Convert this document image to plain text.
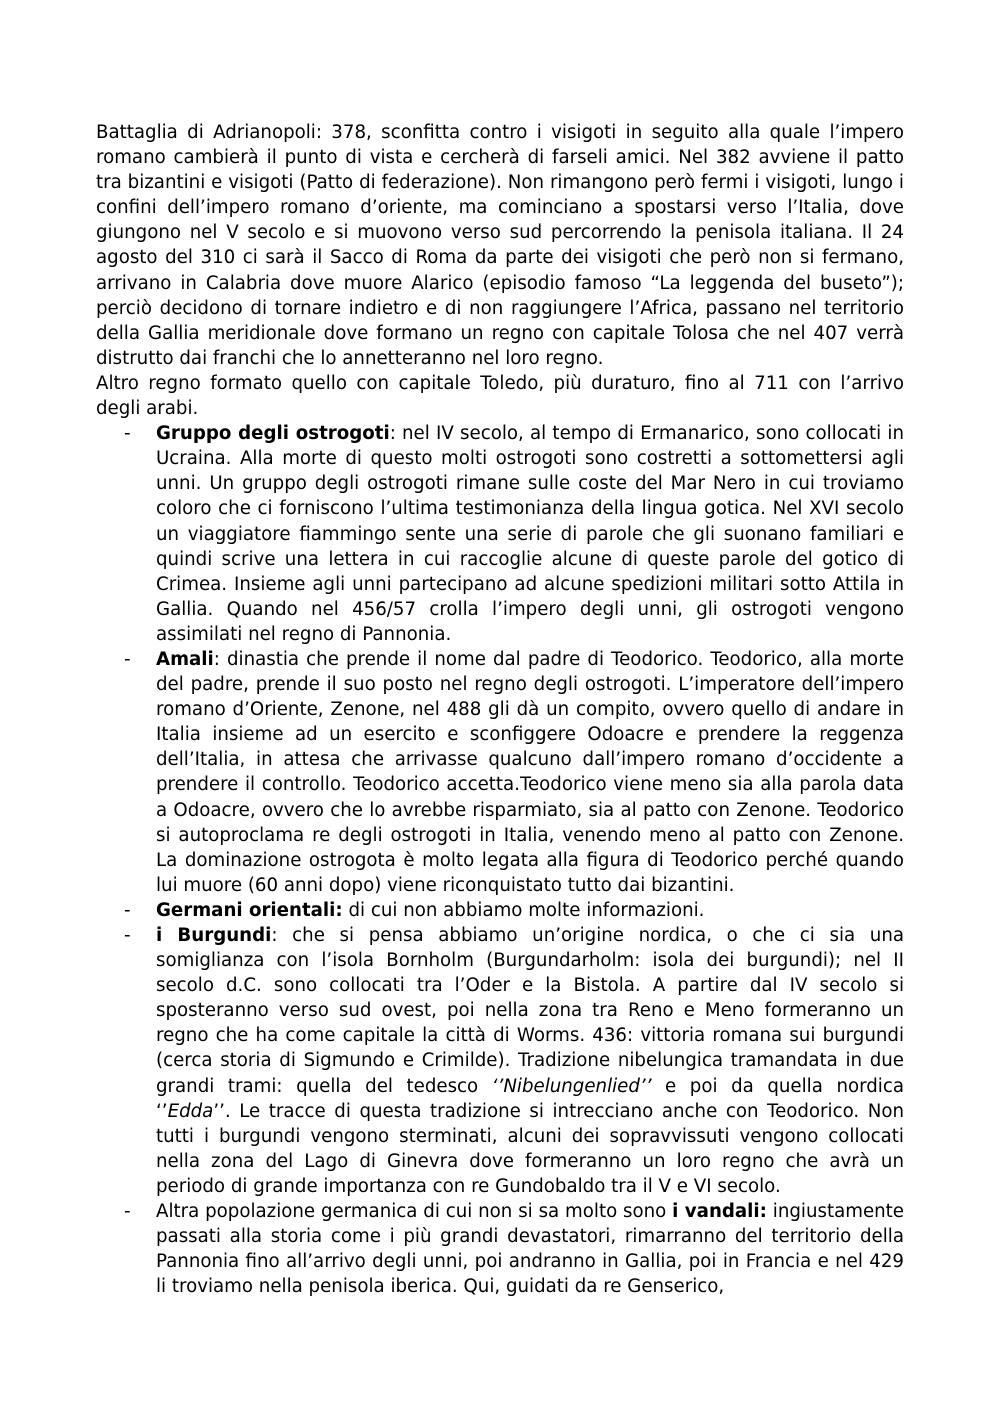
Battaglia di Adrianopoli: 378, sconfitta contro i visigoti in seguito alla quale l’impero romano cambierà il punto di vista e cercherà di farseli amici. Nel 382 avviene il patto tra bizantini e visigoti (Patto di federazione). Non rimangono però fermi i visigoti, lungo i confini dell’impero romano d’oriente, ma cominciano a spostarsi verso l’Italia, dove giungono nel V secolo e si muovono verso sud percorrendo la penisola italiana. Il 24 agosto del 310 ci sarà il Sacco di Roma da parte dei visigoti che però non si fermano, arrivano in Calabria dove muore Alarico (episodio famoso “La leggenda del buseto”); perciò decidono di tornare indietro e di non raggiungere l’Africa, passano nel territorio della Gallia meridionale dove formano un regno con capitale Tolosa che nel 407 verrà distrutto dai franchi che lo annetteranno nel loro regno.

Altro regno formato quello con capitale Toledo, più duraturo, fino al 711 con l’arrivo degli arabi.

- Gruppo degli ostrogoti: nel IV secolo, al tempo di Ermanarico, sono collocati in Ucraina. Alla morte di questo molti ostrogoti sono costretti a sottomettersi agli unni. Un gruppo degli ostrogoti rimane sulle coste del Mar Nero in cui troviamo coloro che ci forniscono l’ultima testimonianza della lingua gotica. Nel XVI secolo un viaggiatore fiammingo sente una serie di parole che gli suonano familiari e quindi scrive una lettera in cui raccoglie alcune di queste parole del gotico di Crimea. Insieme agli unni partecipano ad alcune spedizioni militari sotto Attila in Gallia. Quando nel 456/57 crolla l’impero degli unni, gli ostrogoti vengono assimilati nel regno di Pannonia.
- Amali: dinastia che prende il nome dal padre di Teodorico. Teodorico, alla morte del padre, prende il suo posto nel regno degli ostrogoti. L’imperatore dell’impero romano d’Oriente, Zenone, nel 488 gli dà un compito, ovvero quello di andare in Italia insieme ad un esercito e sconfiggere Odoacre e prendere la reggenza dell’Italia, in attesa che arrivasse qualcuno dall’impero romano d’occidente a prendere il controllo. Teodorico accetta.Teodorico viene meno sia alla parola data a Odoacre, ovvero che lo avrebbe risparmiato, sia al patto con Zenone. Teodorico si autoproclama re degli ostrogoti in Italia, venendo meno al patto con Zenone. La dominazione ostrogota è molto legata alla figura di Teodorico perché quando lui muore (60 anni dopo) viene riconquistato tutto dai bizantini.
- Germani orientali: di cui non abbiamo molte informazioni.
- i Burgundi: che si pensa abbiamo un’origine nordica, o che ci sia una somiglianza con l’isola Bornholm (Burgundarholm: isola dei burgundi); nel II secolo d.C. sono collocati tra l’Oder e la Bistola. A partire dal IV secolo si sposteranno verso sud ovest, poi nella zona tra Reno e Meno formeranno un regno che ha come capitale la città di Worms. 436: vittoria romana sui burgundi (cerca storia di Sigmundo e Crimilde). Tradizione nibelungica tramandata in due grandi trami: quella del tedesco ‘’Nibelungenlied’’ e poi da quella nordica ‘’Edda’’. Le tracce di questa tradizione si intrecciano anche con Teodorico. Non tutti i burgundi vengono sterminati, alcuni dei sopravvissuti vengono collocati nella zona del Lago di Ginevra dove formeranno un loro regno che avrà un periodo di grande importanza con re Gundobaldo tra il V e VI secolo.
- Altra popolazione germanica di cui non si sa molto sono i vandali: ingiustamente passati alla storia come i più grandi devastatori, rimarranno del territorio della Pannonia fino all’arrivo degli unni, poi andranno in Gallia, poi in Francia e nel 429 li troviamo nella penisola iberica. Qui, guidati da re Genserico,
